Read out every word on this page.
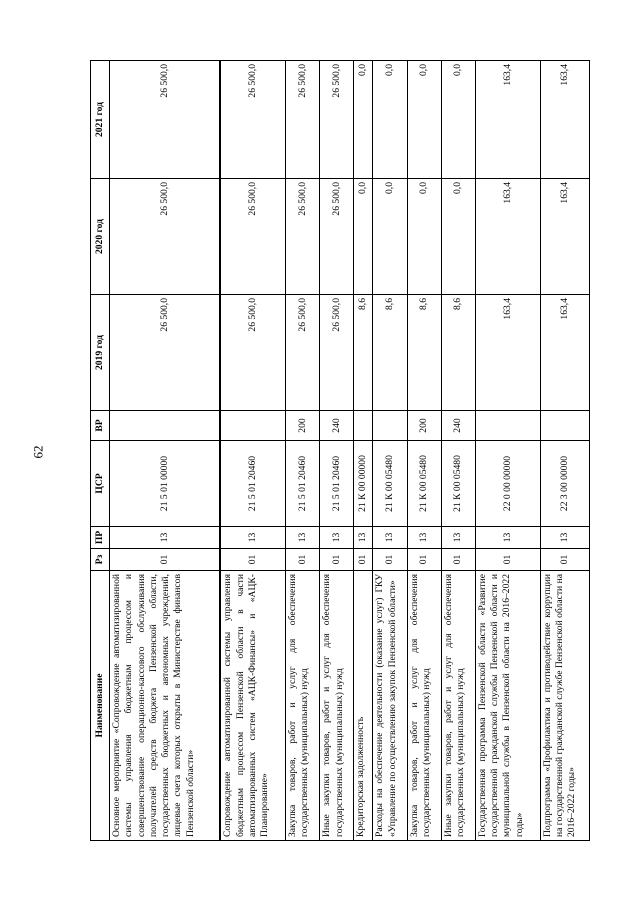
62
Наименование	Рз	ПР	ЦСР	ВР	2019 год	2020 год	2021 год
Основное мероприятие «Сопровождение автоматизированной системы управления бюджетным процессом и совершенствование операционно-кассового обслуживания получателей средств бюджета Пензенской области, государственных бюджетных и автономных учреждений, лицевые счета которых открыты в Министерстве финансов Пензенской области»	01	13	21 5 01 00000		26 500,0	26 500,0	26 500,0
Сопровождение автоматизированной системы управления бюджетным процессом Пензенской области в части автоматизированных систем «АЦК-Финансы» и «АЦК-Планирование»	01	13	21 5 01 20460		26 500,0	26 500,0	26 500,0
Закупка товаров, работ и услуг для обеспечения государственных (муниципальных) нужд	01	13	21 5 01 20460	200	26 500,0	26 500,0	26 500,0
Иные закупки товаров, работ и услуг для обеспечения государственных (муниципальных) нужд	01	13	21 5 01 20460	240	26 500,0	26 500,0	26 500,0
Кредиторская задолженность	01	13	21 К 00 00000		8,6	0,0	0,0
Расходы на обеспечение деятельности (оказание услуг) ГКУ «Управление по осуществлению закупок Пензенской области»	01	13	21 К 00 05480		8,6	0,0	0,0
Закупка товаров, работ и услуг для обеспечения государственных (муниципальных) нужд	01	13	21 К 00 05480	200	8,6	0,0	0,0
Иные закупки товаров, работ и услуг для обеспечения государственных (муниципальных) нужд	01	13	21 К 00 05480	240	8,6	0,0	0,0
Государственная программа Пензенской области «Развитие государственной гражданской службы Пензенской области и муниципальной службы в Пензенской области на 2016–2022 годы»	01	13	22 0 00 00000		163,4	163,4	163,4
Подпрограмма «Профилактика и противодействие коррупции на государственной гражданской службе Пензенской области на 2016–2022 годы»	01	13	22 3 00 00000		163,4	163,4	163,4
